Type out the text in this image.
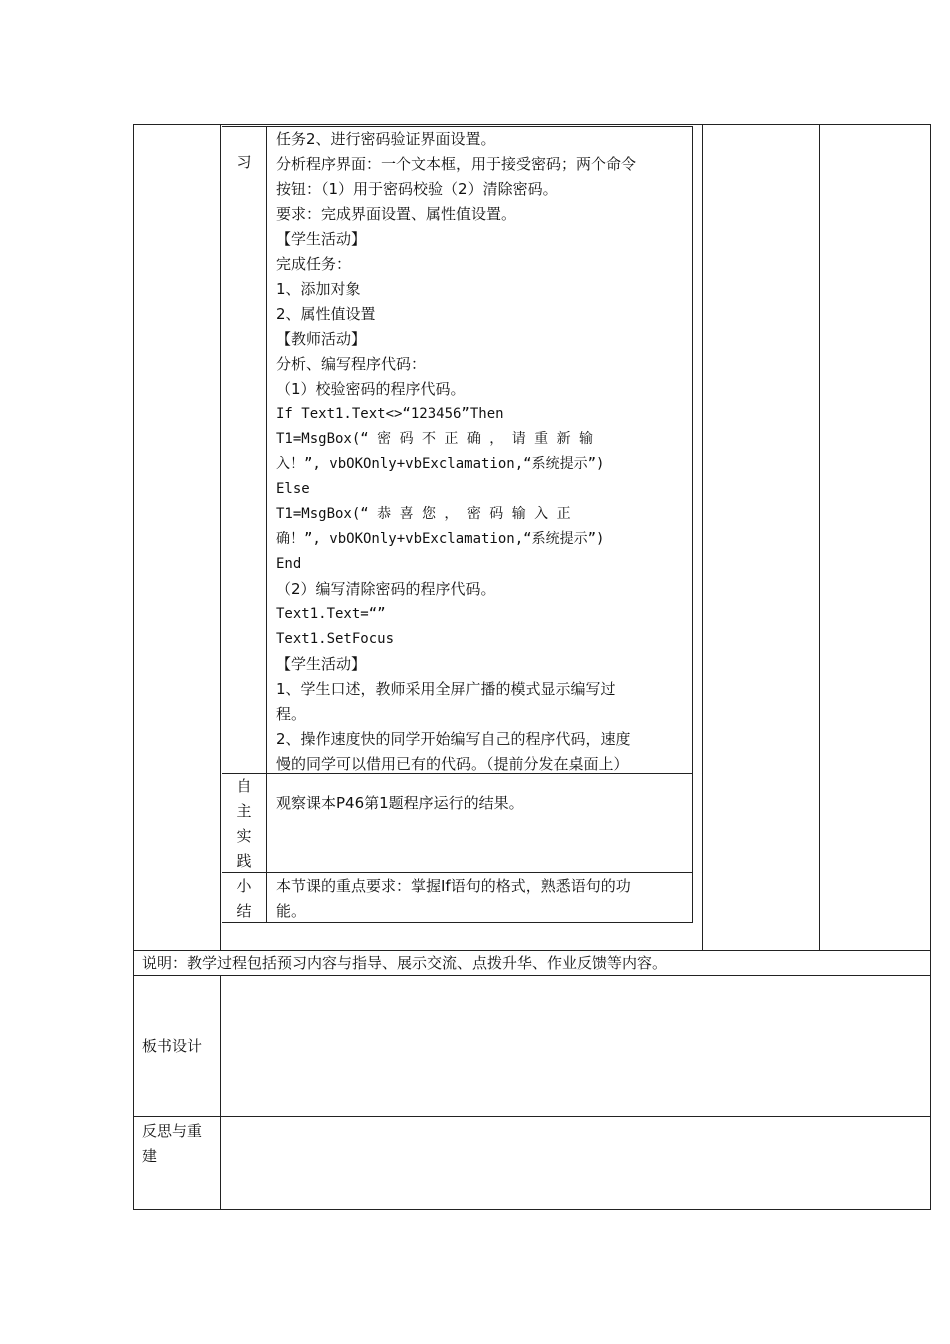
习
任务2、进行密码验证界面设置。
分析程序界面：一个文本框，用于接受密码；两个命令
按钮：（1）用于密码校验（2）清除密码。
要求：完成界面设置、属性值设置。
【学生活动】
完成任务：
1、添加对象
2、属性值设置
【教师活动】
分析、编写程序代码：
（1）校验密码的程序代码。
If Text1.Text<>“123456”Then
T1=MsgBox(“ 密 码 不 正 确 ， 请 重 新 输
入！”, vbOKOnly+vbExclamation,“系统提示”)
Else
T1=MsgBox(“ 恭 喜 您 ， 密 码 输 入 正
确！”, vbOKOnly+vbExclamation,“系统提示”)
End
（2）编写清除密码的程序代码。
Text1.Text=“”
Text1.SetFocus
【学生活动】
1、学生口述，教师采用全屏广播的模式显示编写过
程。
2、操作速度快的同学开始编写自己的程序代码，速度
慢的同学可以借用已有的代码。（提前分发在桌面上）
自
主
实
践
观察课本P46第1题程序运行的结果。
小
结
本节课的重点要求：掌握If语句的格式，熟悉语句的功
能。
说明：教学过程包括预习内容与指导、展示交流、点拨升华、作业反馈等内容。
板书设计
反思与重
建
